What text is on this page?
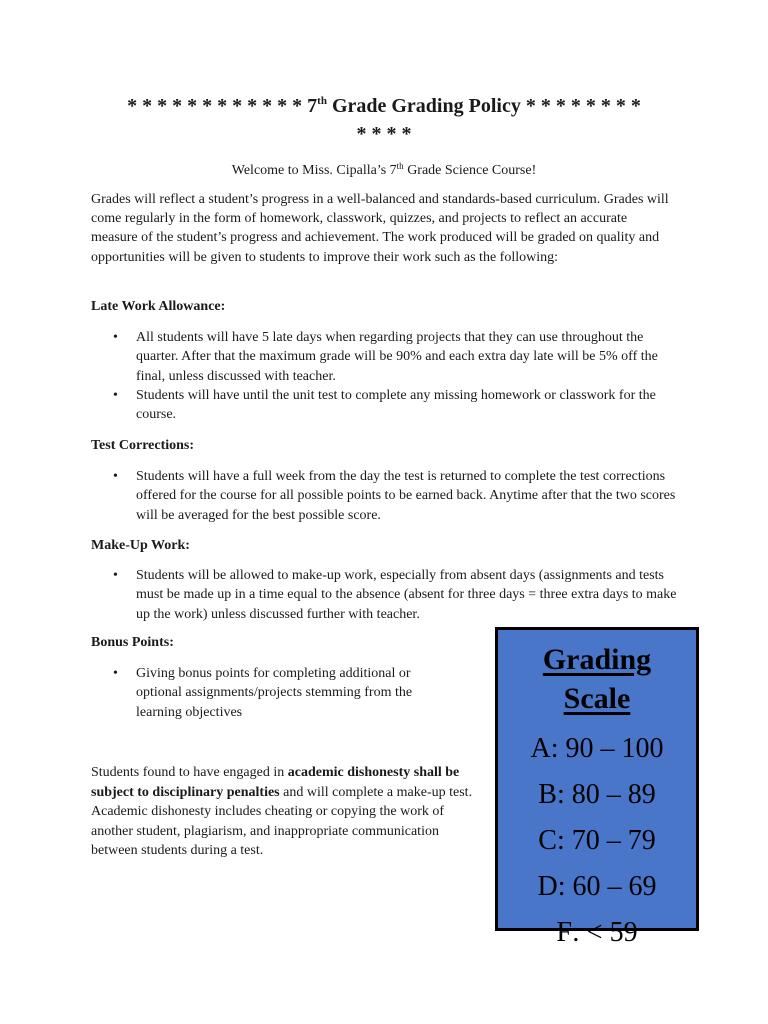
* * * * * * * * * * * * 7th Grade Grading Policy * * * * * * * *
* * * *
Welcome to Miss. Cipalla’s 7th Grade Science Course!

Grades will reflect a student’s progress in a well-balanced and standards-based curriculum. Grades will come regularly in the form of homework, classwork, quizzes, and projects to reflect an accurate measure of the student’s progress and achievement. The work produced will be graded on quality and opportunities will be given to students to improve their work such as the following:

Late Work Allowance:
• All students will have 5 late days when regarding projects that they can use throughout the quarter. After that the maximum grade will be 90% and each extra day late will be 5% off the final, unless discussed with teacher.
• Students will have until the unit test to complete any missing homework or classwork for the course.
Test Corrections:
• Students will have a full week from the day the test is returned to complete the test corrections offered for the course for all possible points to be earned back. Anytime after that the two scores will be averaged for the best possible score.
Make-Up Work:
• Students will be allowed to make-up work, especially from absent days (assignments and tests must be made up in a time equal to the absence (absent for three days = three extra days to make up the work) unless discussed further with teacher.
Bonus Points:
• Giving bonus points for completing additional or optional assignments/projects stemming from the learning objectives

Students found to have engaged in academic dishonesty shall be subject to disciplinary penalties and will complete a make-up test. Academic dishonesty includes cheating or copying the work of another student, plagiarism, and inappropriate communication between students during a test.

Grading
Scale
A: 90 – 100
B: 80 – 89
C: 70 – 79
D: 60 – 69
F: < 59
